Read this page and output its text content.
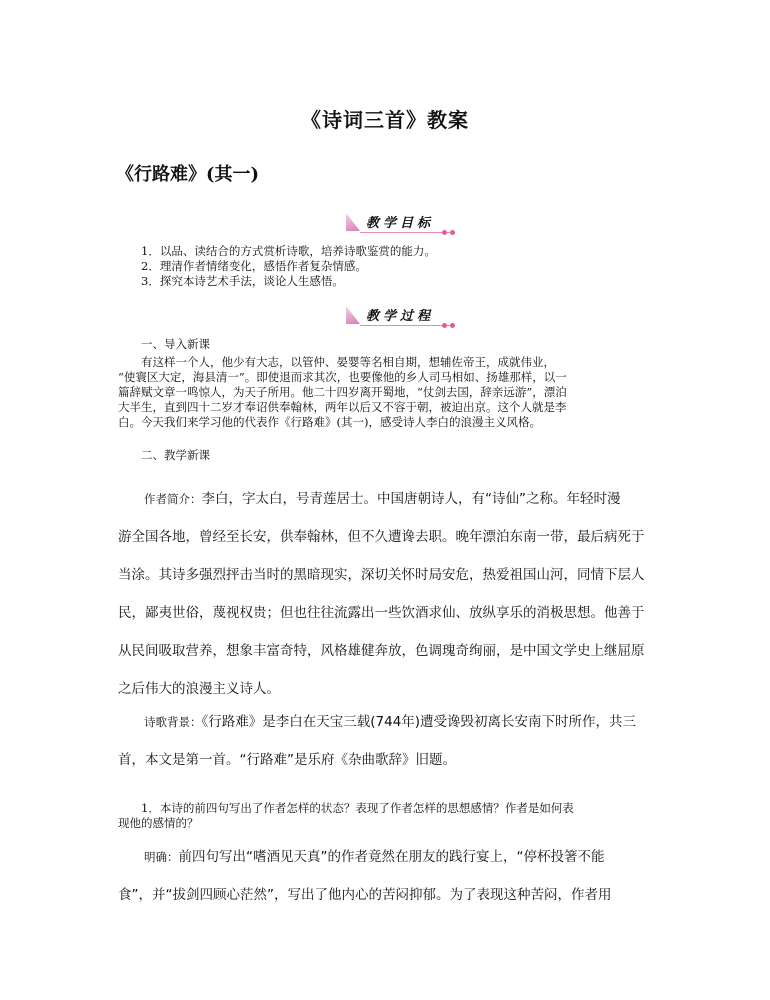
《诗词三首》教案
《行路难》(其一)
教学目标

1．以品、读结合的方式赏析诗歌，培养诗歌鉴赏的能力。
2．理清作者情绪变化，感悟作者复杂情感。
3．探究本诗艺术手法，谈论人生感悟。

教学过程

一、导入新课

有这样一个人，他少有大志，以管仲、晏婴等名相自期，想辅佐帝王，成就伟业，
“使寰区大定，海县清一”。即使退而求其次，也要像他的乡人司马相如、扬雄那样，以一
篇辞赋文章一鸣惊人，为天子所用。他二十四岁离开蜀地，“仗剑去国，辞亲远游”，漂泊
大半生，直到四十二岁才奉诏供奉翰林，两年以后又不容于朝，被迫出京。这个人就是李
白。今天我们来学习他的代表作《行路难》(其一)，感受诗人李白的浪漫主义风格。

二、教学新课

作者简介：李白，字太白，号青莲居士。中国唐朝诗人，有“诗仙”之称。年轻时漫
游全国各地，曾经至长安，供奉翰林，但不久遭谗去职。晚年漂泊东南一带，最后病死于
当涂。其诗多强烈抨击当时的黑暗现实，深切关怀时局安危，热爱祖国山河，同情下层人
民，鄙夷世俗，蔑视权贵；但也往往流露出一些饮酒求仙、放纵享乐的消极思想。他善于
从民间吸取营养，想象丰富奇特，风格雄健奔放，色调瑰奇绚丽，是中国文学史上继屈原
之后伟大的浪漫主义诗人。

诗歌背景：《行路难》是李白在天宝三载(744年)遭受谗毁初离长安南下时所作，共三
首，本文是第一首。“行路难”是乐府《杂曲歌辞》旧题。

1．本诗的前四句写出了作者怎样的状态？表现了作者怎样的思想感情？作者是如何表
现他的感情的？

明确：前四句写出“嗜酒见天真”的作者竟然在朋友的践行宴上，“停杯投箸不能
食”，并“拔剑四顾心茫然”，写出了他内心的苦闷抑郁。为了表现这种苦闷，作者用
